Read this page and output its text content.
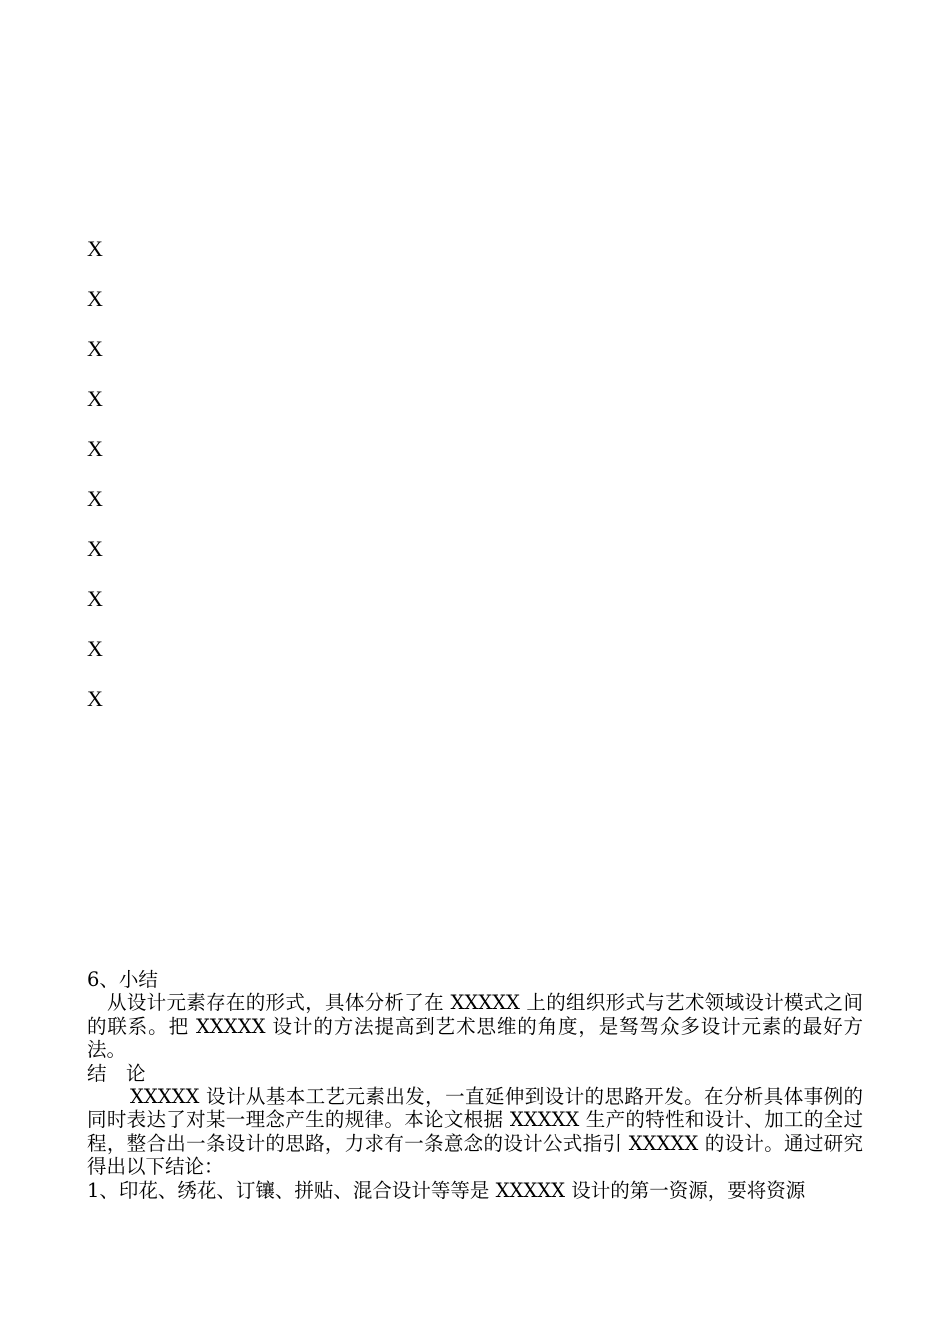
X
X
X
X
X
X
X
X
X
X

6、小结

从设计元素存在的形式，具体分析了在 XXXXX 上的组织形式与艺术领域设计模式之间的联系。把 XXXXX 设计的方法提高到艺术思维的角度，是驽驾众多设计元素的最好方法。

结　论

XXXXX 设计从基本工艺元素出发，一直延伸到设计的思路开发。在分析具体事例的同时表达了对某一理念产生的规律。本论文根据 XXXXX 生产的特性和设计、加工的全过程，整合出一条设计的思路，力求有一条意念的设计公式指引 XXXXX 的设计。通过研究得出以下结论：

1、印花、绣花、订镶、拼贴、混合设计等等是 XXXXX 设计的第一资源，要将资源
